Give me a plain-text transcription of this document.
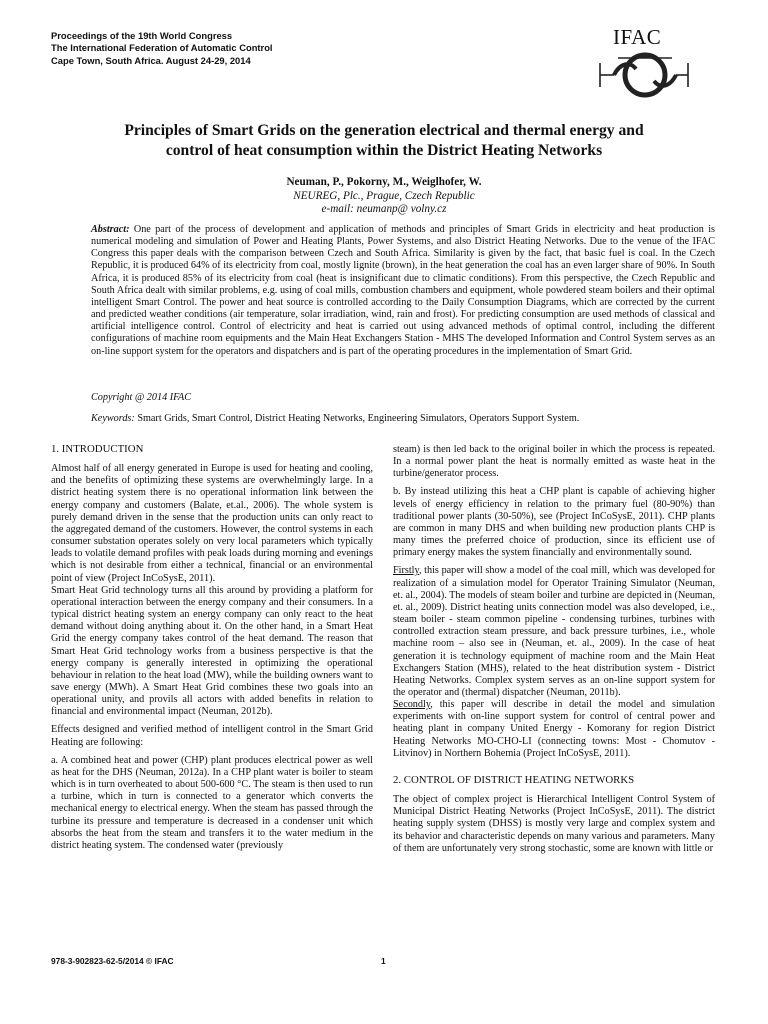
Proceedings of the 19th World Congress
The International Federation of Automatic Control
Cape Town, South Africa. August 24-29, 2014
IFAC
Principles of Smart Grids on the generation electrical and thermal energy and
control of heat consumption within the District Heating Networks
Neuman, P., Pokorny, M., Weiglhofer, W.
NEUREG, Plc., Prague, Czech Republic
e-mail: neumanp@ volny.cz

Abstract: One part of the process of development and application of methods and principles of Smart Grids in electricity and heat production is numerical modeling and simulation of Power and Heating Plants, Power Systems, and also District Heating Networks. Due to the venue of the IFAC Congress this paper deals with the comparison between Czech and South Africa. Similarity is given by the fact, that basic fuel is coal. In the Czech Republic, it is produced 64% of its electricity from coal, mostly lignite (brown), in the heat generation the coal has an even larger share of 90%. In South Africa, it is produced 85% of its electricity from coal (heat is insignificant due to climatic conditions). From this perspective, the Czech Republic and South Africa dealt with similar problems, e.g. using of coal mills, combustion chambers and equipment, whole powdered steam boilers and their optimal intelligent Smart Control. The power and heat source is controlled according to the Daily Consumption Diagrams, which are corrected by the current and predicted weather conditions (air temperature, solar irradiation, wind, rain and frost). For predicting consumption are used methods of classical and artificial intelligence control. Control of electricity and heat is carried out using advanced methods of optimal control, including the different configurations of machine room equipments and the Main Heat Exchangers Station - MHS The developed Information and Control System serves as an on-line support system for the operators and dispatchers and is part of the operating procedures in the implementation of Smart Grid.

Copyright @ 2014 IFAC
Keywords: Smart Grids, Smart Control, District Heating Networks, Engineering Simulators, Operators Support System.

1. INTRODUCTION

Almost half of all energy generated in Europe is used for heating and cooling, and the benefits of optimizing these systems are overwhelmingly large. In a district heating system there is no operational information link between the energy company and customers (Balate, et.al., 2006). The whole system is purely demand driven in the sense that the production units can only react to the aggregated demand of the customers. However, the control systems in each consumer substation operates solely on very local parameters which typically leads to volatile demand profiles with peak loads during morning and evenings which is not desirable from either a technical, financial or an environmental point of view (Project InCoSysE, 2011).

Smart Heat Grid technology turns all this around by providing a platform for operational interaction between the energy company and their consumers. In a typical district heating system an energy company can only react to the heat demand without doing anything about it. On the other hand, in a Smart Heat Grid the energy company takes control of the heat demand. The reason that Smart Heat Grid technology works from a business perspective is that the energy company is generally interested in optimizing the operational behaviour in relation to the heat load (MW), while the building owners want to save energy (MWh). A Smart Heat Grid combines these two goals into an operational unity, and provils all actors with added benefits in relation to financial and environmental impact (Neuman, 2012b).

Effects designed and verified method of intelligent control in the Smart Grid Heating are following:

a. A combined heat and power (CHP) plant produces electrical power as well as heat for the DHS (Neuman, 2012a). In a CHP plant water is boiler to steam which is in turn overheated to about 500-600 °C. The steam is then used to run a turbine, which in turn is connected to a generator which converts the mechanical energy to electrical energy. When the steam has passed through the turbine its pressure and temperature is decreased in a condenser unit which absorbs the heat from the steam and transfers it to the water medium in the district heating system. The condensed water (previously

steam) is then led back to the original boiler in which the process is repeated. In a normal power plant the heat is normally emitted as waste heat in the turbine/generator process.

b. By instead utilizing this heat a CHP plant is capable of achieving higher levels of energy efficiency in relation to the primary fuel (80-90%) than traditional power plants (30-50%), see (Project InCoSysE, 2011). CHP plants are common in many DHS and when building new production plants CHP is many times the preferred choice of production, since its efficient use of primary energy makes the system financially and environmentally sound.

Firstly, this paper will show a model of the coal mill, which was developed for realization of a simulation model for Operator Training Simulator (Neuman, et. al., 2004). The models of steam boiler and turbine are depicted in (Neuman, et. al., 2009). District heating units connection model was also developed, i.e., steam boiler - steam common pipeline - condensing turbines, turbines with controlled extraction steam pressure, and back pressure turbines, i.e., whole machine room – also see in (Neuman, et. al., 2009). In the case of heat generation it is technology equipment of machine room and the Main Heat Exchangers Station (MHS), related to the heat distribution system - District Heating Networks. Complex system serves as an on-line support system for the operator and (thermal) dispatcher (Neuman, 2011b).

Secondly, this paper will describe in detail the model and simulation experiments with on-line support system for control of central power and heating plant in company United Energy - Komorany for region District Heating Networks MO-CHO-LI (connecting towns: Most - Chomutov - Litvinov) in Northern Bohemia (Project InCoSysE, 2011).

2. CONTROL OF DISTRICT HEATING NETWORKS

The object of complex project is Hierarchical Intelligent Control System of Municipal District Heating Networks (Project InCoSysE, 2011). The district heating supply system (DHSS) is mostly very large and complex system and its behavior and characteristic depends on many various and parameters. Many of them are unfortunately very strong stochastic, some are known with little or

978-3-902823-62-5/2014 © IFAC	1
